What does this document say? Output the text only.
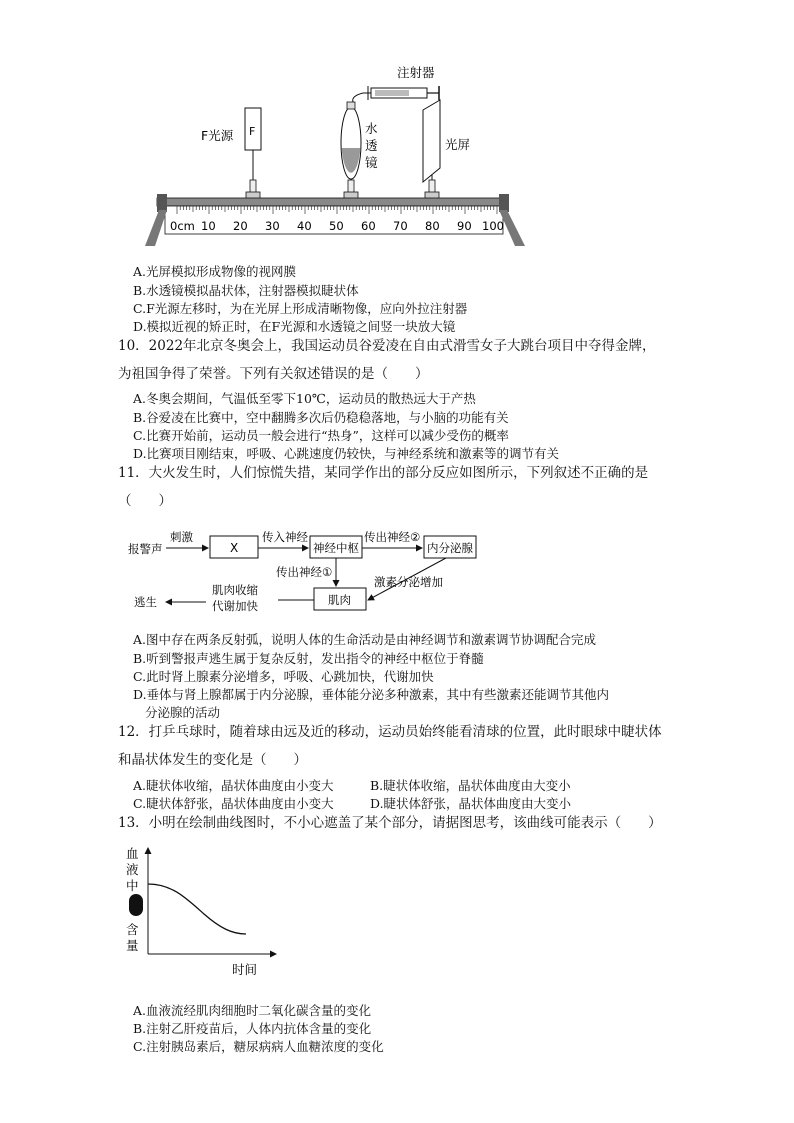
注射器
水
透
镜
F光源 F
光屏
0cm 10 20 30 40 50 60 70 80 90 100
A.光屏模拟形成物像的视网膜
B.水透镜模拟晶状体，注射器模拟睫状体
C.F光源左移时，为在光屏上形成清晰物像，应向外拉注射器
D.模拟近视的矫正时，在F光源和水透镜之间竖一块放大镜
10．2022年北京冬奥会上，我国运动员谷爱凌在自由式滑雪女子大跳台项目中夺得金牌，
为祖国争得了荣誉。下列有关叙述错误的是（　　）
A.冬奥会期间，气温低至零下10℃，运动员的散热远大于产热
B.谷爱凌在比赛中，空中翻腾多次后仍稳稳落地，与小脑的功能有关
C.比赛开始前，运动员一般会进行“热身”，这样可以减少受伤的概率
D.比赛项目刚结束，呼吸、心跳速度仍较快，与神经系统和激素等的调节有关
11．大火发生时，人们惊慌失措，某同学作出的部分反应如图所示，下列叙述不正确的是
（　　）
报警声
刺激
X
传入神经
神经中枢
传出神经②
内分泌腺
传出神经①
激素分泌增加
肌肉
肌肉收缩
代谢加快
逃生
A.图中存在两条反射弧，说明人体的生命活动是由神经调节和激素调节协调配合完成
B.听到警报声逃生属于复杂反射，发出指令的神经中枢位于脊髓
C.此时肾上腺素分泌增多，呼吸、心跳加快，代谢加快
D.垂体与肾上腺都属于内分泌腺，垂体能分泌多种激素，其中有些激素还能调节其他内
分泌腺的活动
12．打乒乓球时，随着球由远及近的移动，运动员始终能看清球的位置，此时眼球中睫状体
和晶状体发生的变化是（　　）
A.睫状体收缩，晶状体曲度由小变大	B.睫状体收缩，晶状体曲度由大变小
C.睫状体舒张，晶状体曲度由小变大	D.睫状体舒张，晶状体曲度由大变小
13．小明在绘制曲线图时，不小心遮盖了某个部分，请据图思考，该曲线可能表示（　　）
血
液
中
含
量
时间
A.血液流经肌肉细胞时二氧化碳含量的变化
B.注射乙肝疫苗后，人体内抗体含量的变化
C.注射胰岛素后，糖尿病病人血糖浓度的变化
